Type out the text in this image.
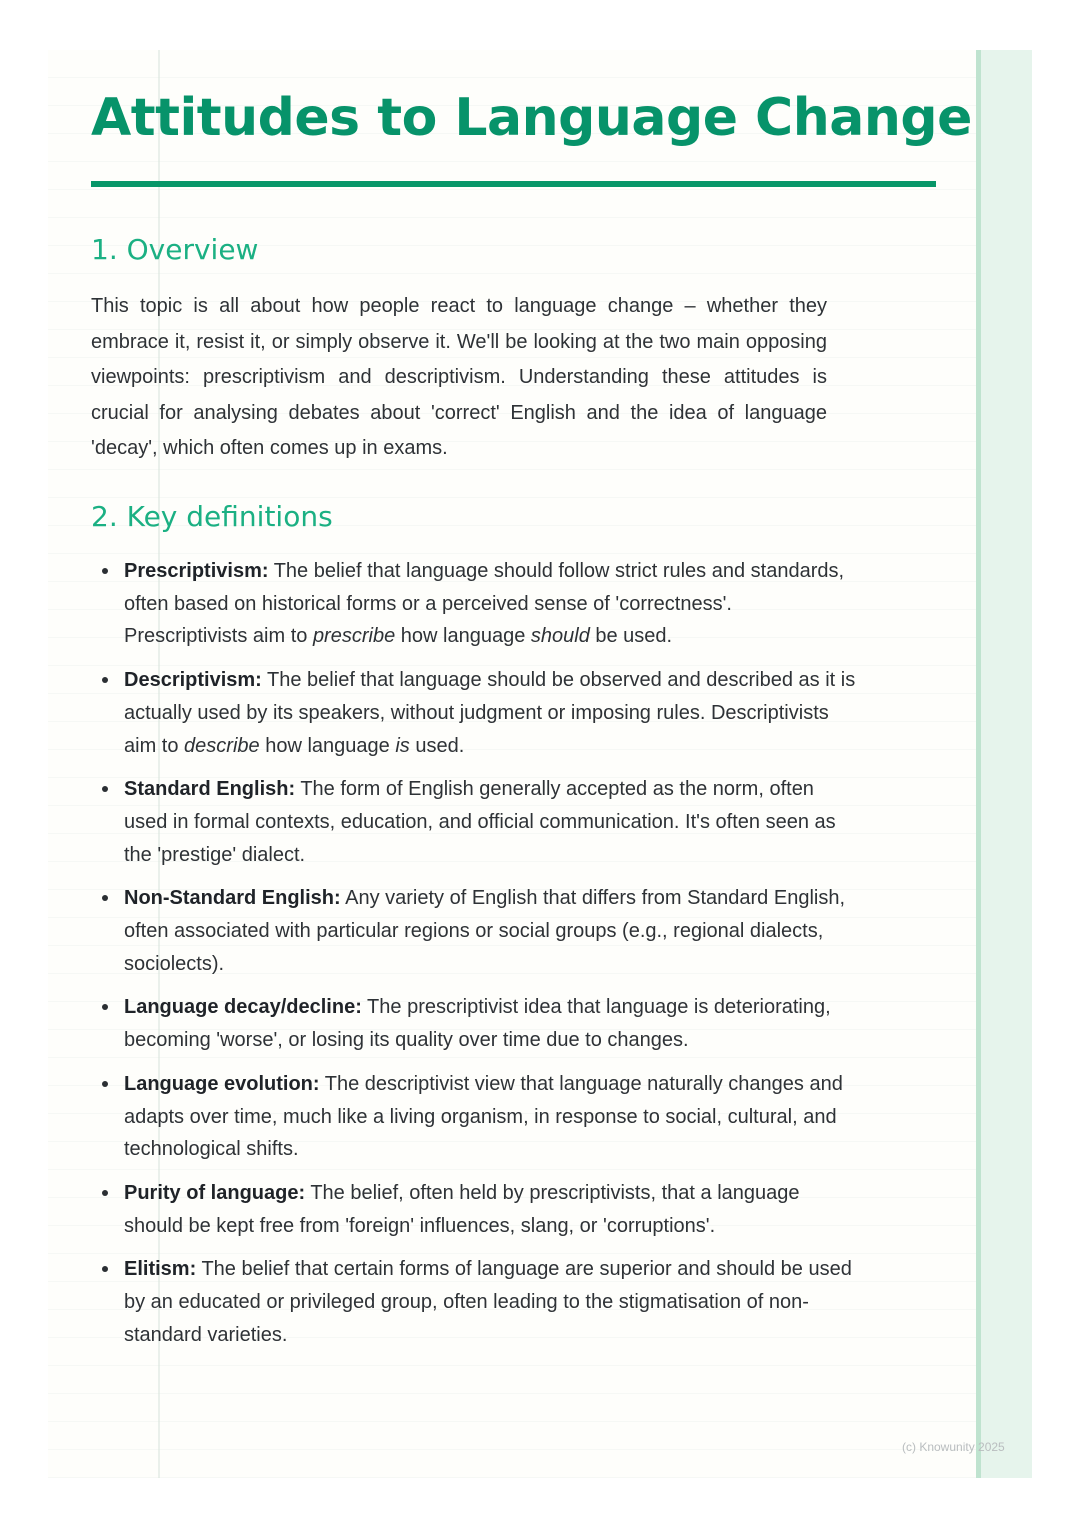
Attitudes to Language Change
1. Overview

This topic is all about how people react to language change – whether they embrace it, resist it, or simply observe it. We'll be looking at the two main opposing viewpoints: prescriptivism and descriptivism. Understanding these attitudes is crucial for analysing debates about 'correct' English and the idea of language 'decay', which often comes up in exams.

2. Key definitions
Prescriptivism: The belief that language should follow strict rules and standards, often based on historical forms or a perceived sense of 'correctness'. Prescriptivists aim to prescribe how language should be used.
Descriptivism: The belief that language should be observed and described as it is actually used by its speakers, without judgment or imposing rules. Descriptivists aim to describe how language is used.
Standard English: The form of English generally accepted as the norm, often used in formal contexts, education, and official communication. It's often seen as the 'prestige' dialect.
Non-Standard English: Any variety of English that differs from Standard English, often associated with particular regions or social groups (e.g., regional dialects, sociolects).
Language decay/decline: The prescriptivist idea that language is deteriorating, becoming 'worse', or losing its quality over time due to changes.
Language evolution: The descriptivist view that language naturally changes and adapts over time, much like a living organism, in response to social, cultural, and technological shifts.
Purity of language: The belief, often held by prescriptivists, that a language should be kept free from 'foreign' influences, slang, or 'corruptions'.
Elitism: The belief that certain forms of language are superior and should be used by an educated or privileged group, often leading to the stigmatisation of non-standard varieties.
(c) Knowunity 2025
